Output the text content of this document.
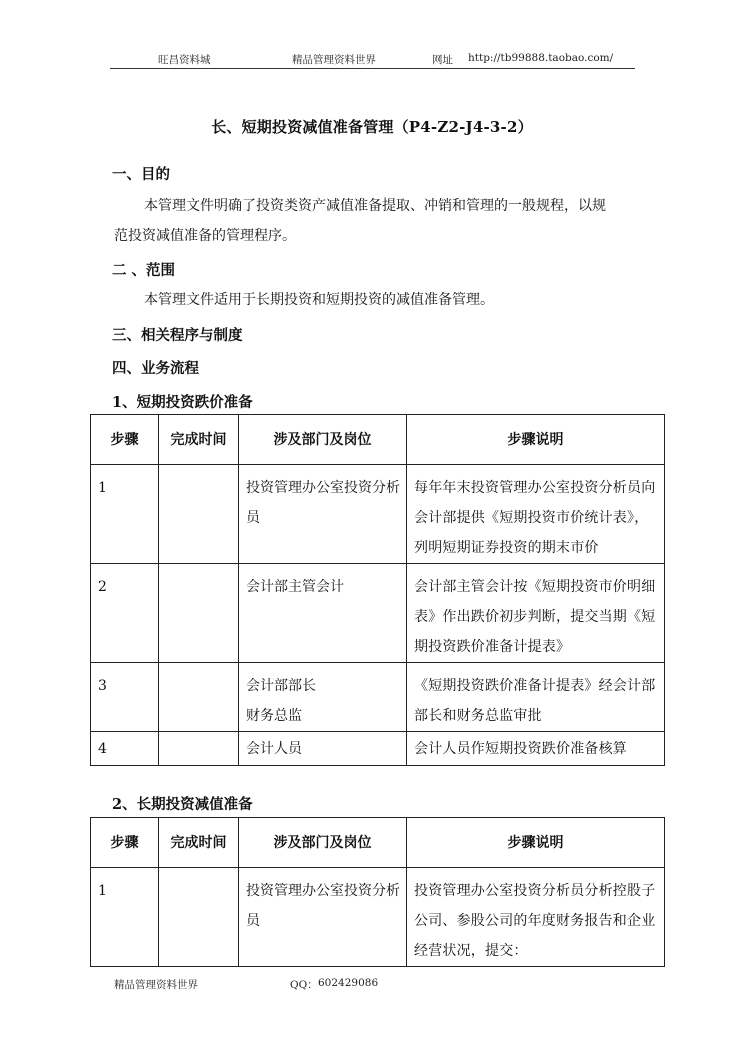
旺昌资料城	精品管理资料世界	网址 http://tb99888.taobao.com/
长、短期投资减值准备管理（P4-Z2-J4-3-2）
一、目的
本管理文件明确了投资类资产减值准备提取、冲销和管理的一般规程，以规
范投资减值准备的管理程序。
二 、范围
本管理文件适用于长期投资和短期投资的减值准备管理。
三、相关程序与制度
四、业务流程
1、短期投资跌价准备
步骤	完成时间	涉及部门及岗位	步骤说明
1		投资管理办公室投资分析员	每年年末投资管理办公室投资分析员向会计部提供《短期投资市价统计表》，列明短期证券投资的期末市价
2		会计部主管会计	会计部主管会计按《短期投资市价明细表》作出跌价初步判断，提交当期《短期投资跌价准备计提表》
3		会计部部长
财务总监	《短期投资跌价准备计提表》经会计部部长和财务总监审批
4		会计人员	会计人员作短期投资跌价准备核算
2、长期投资减值准备
步骤	完成时间	涉及部门及岗位	步骤说明
1		投资管理办公室投资分析员	投资管理办公室投资分析员分析控股子公司、参股公司的年度财务报告和企业经营状况，提交：
精品管理资料世界	QQ： 602429086
